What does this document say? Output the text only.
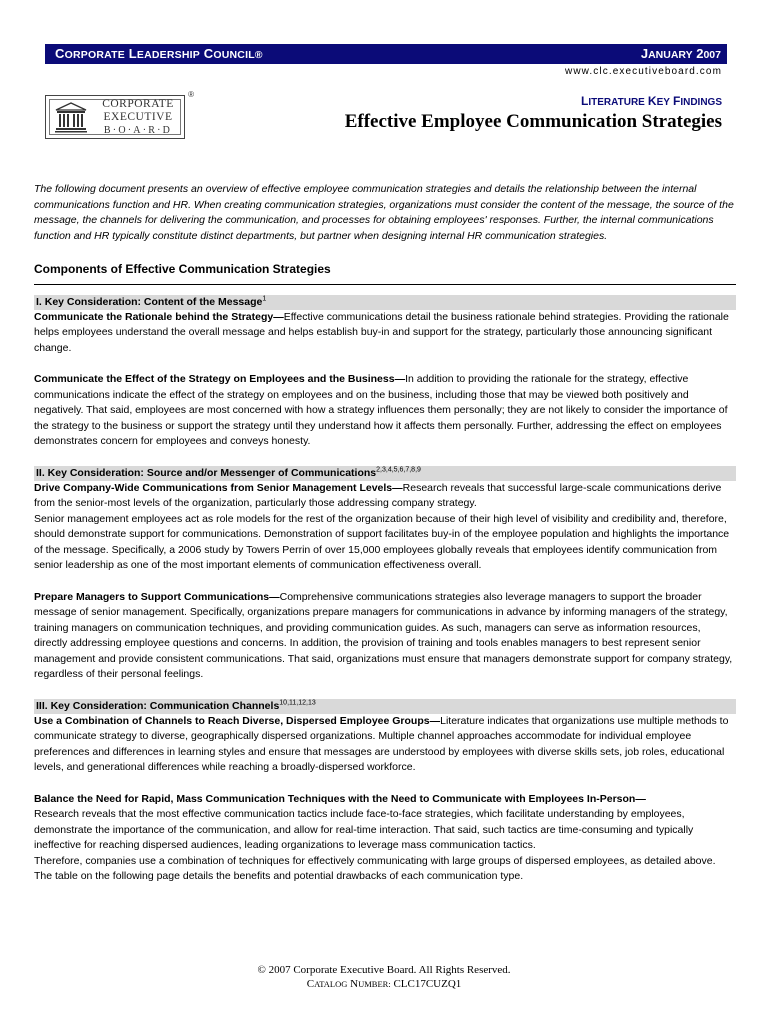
CORPORATE LEADERSHIP COUNCIL®	JANUARY 2007
www.clc.executiveboard.com
®
CORPORATE
EXECUTIVE
B·O·A·R·D
LITERATURE KEY FINDINGS
Effective Employee Communication Strategies

The following document presents an overview of effective employee communication strategies and details the relationship between the internal communications function and HR. When creating communication strategies, organizations must consider the content of the message, the source of the message, the channels for delivering the communication, and processes for obtaining employees' responses. Further, the internal communications function and HR typically constitute distinct departments, but partner when designing internal HR communication strategies.

Components of Effective Communication Strategies
I. Key Consideration: Content of the Message$^1$

Communicate the Rationale behind the Strategy—Effective communications detail the business rationale behind strategies. Providing the rationale helps employees understand the overall message and helps establish buy-in and support for the strategy, particularly those announcing significant change.

Communicate the Effect of the Strategy on Employees and the Business—In addition to providing the rationale for the strategy, effective communications indicate the effect of the strategy on employees and on the business, including those that may be viewed both positively and negatively. That said, employees are most concerned with how a strategy influences them personally; they are not likely to consider the importance of the strategy to the business or support the strategy until they understand how it affects them personally. Further, addressing the effect on employees demonstrates concern for employees and conveys honesty.

II. Key Consideration: Source and/or Messenger of Communications$^{2,3,4,5,6,7,8,9}$

Drive Company-Wide Communications from Senior Management Levels—Research reveals that successful large-scale communications derive from the senior-most levels of the organization, particularly those addressing company strategy.

Senior management employees act as role models for the rest of the organization because of their high level of visibility and credibility and, therefore, should demonstrate support for communications. Demonstration of support facilitates buy-in of the employee population and highlights the importance of the message. Specifically, a 2006 study by Towers Perrin of over 15,000 employees globally reveals that employees identify communication from senior leadership as one of the most important elements of communication effectiveness overall.

Prepare Managers to Support Communications—Comprehensive communications strategies also leverage managers to support the broader message of senior management. Specifically, organizations prepare managers for communications in advance by informing managers of the strategy, training managers on communication techniques, and providing communication guides. As such, managers can serve as information resources, directly addressing employee questions and concerns. In addition, the provision of training and tools enables managers to best represent senior management and provide consistent communications. That said, organizations must ensure that managers demonstrate support for company strategy, regardless of their personal feelings.

III. Key Consideration: Communication Channels$^{10,11,12,13}$

Use a Combination of Channels to Reach Diverse, Dispersed Employee Groups—Literature indicates that organizations use multiple methods to communicate strategy to diverse, geographically dispersed organizations. Multiple channel approaches accommodate for individual employee preferences and differences in learning styles and ensure that messages are understood by employees with diverse skills sets, job roles, educational levels, and generational differences while reaching a broadly-dispersed workforce.

Balance the Need for Rapid, Mass Communication Techniques with the Need to Communicate with Employees In-Person—
Research reveals that the most effective communication tactics include face-to-face strategies, which facilitate understanding by employees, demonstrate the importance of the communication, and allow for real-time interaction. That said, such tactics are time-consuming and typically ineffective for reaching dispersed audiences, leading organizations to leverage mass communication tactics.

Therefore, companies use a combination of techniques for effectively communicating with large groups of dispersed employees, as detailed above. The table on the following page details the benefits and potential drawbacks of each communication type.

© 2007 Corporate Executive Board. All Rights Reserved.
CATALOG NUMBER: CLC17CUZQ1
